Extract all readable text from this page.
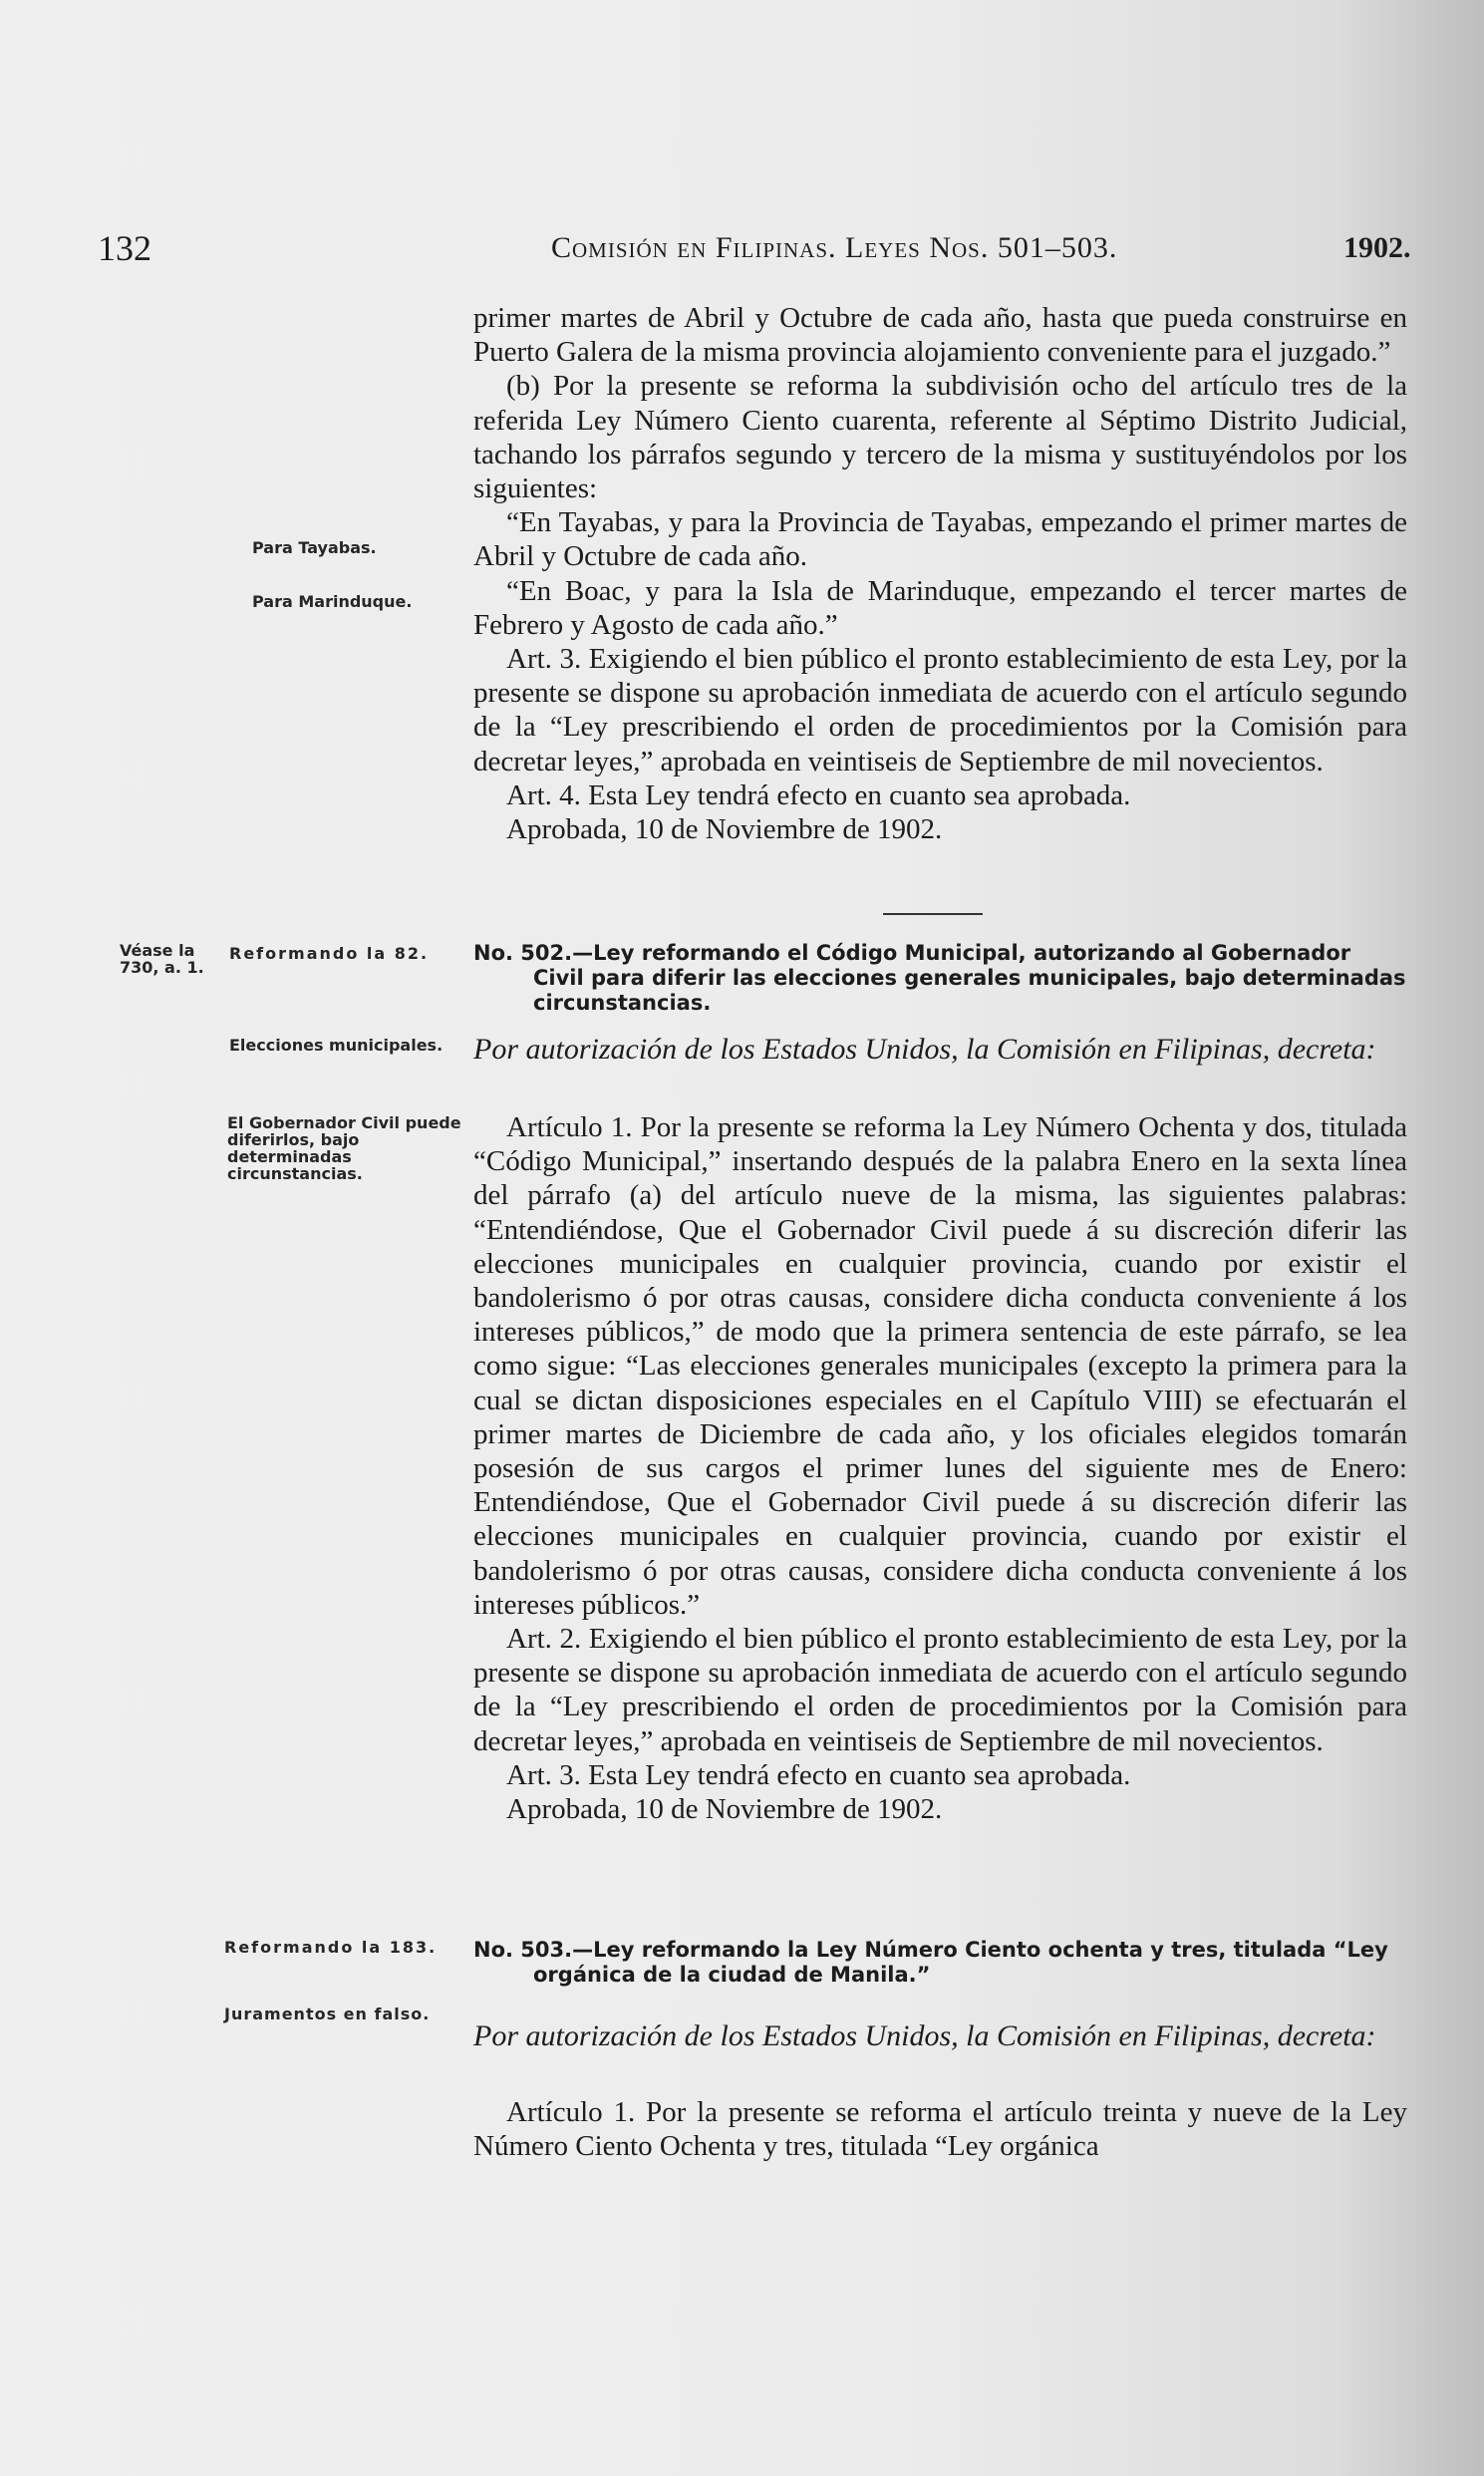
132	Comisión en Filipinas. Leyes Nos. 501–503.	1902.

primer martes de Abril y Octubre de cada año, hasta que pueda construirse en Puerto Galera de la misma provincia alojamiento conveniente para el juzgado.”

(b) Por la presente se reforma la subdivisión ocho del artículo tres de la referida Ley Número Ciento cuarenta, referente al Séptimo Distrito Judicial, tachando los párrafos segundo y tercero de la misma y sustituyéndolos por los siguientes:

“En Tayabas, y para la Provincia de Tayabas, empezando el primer martes de Abril y Octubre de cada año.

“En Boac, y para la Isla de Marinduque, empezando el tercer martes de Febrero y Agosto de cada año.”

Art. 3. Exigiendo el bien público el pronto establecimiento de esta Ley, por la presente se dispone su aprobación inmediata de acuerdo con el artículo segundo de la “Ley prescribiendo el orden de procedimientos por la Comisión para decretar leyes,” aprobada en veintiseis de Septiembre de mil novecientos.

Art. 4. Esta Ley tendrá efecto en cuanto sea aprobada.

Aprobada, 10 de Noviembre de 1902.

Para Tayabas.
Para Marinduque.
Véase la 730, a. 1.
Reformando la 82.	No. 502.—Ley reformando el Código Municipal, autorizando al Gobernador Civil para diferir las elecciones generales municipales, bajo determinadas circunstancias.
Elecciones municipales.	Por autorización de los Estados Unidos, la Comisión en Filipinas, decreta:
El Gobernador Civil puede diferirlos, bajo determinadas circunstancias.

Artículo 1. Por la presente se reforma la Ley Número Ochenta y dos, titulada “Código Municipal,” insertando después de la palabra Enero en la sexta línea del párrafo (a) del artículo nueve de la misma, las siguientes palabras: “Entendiéndose, Que el Gobernador Civil puede á su discreción diferir las elecciones municipales en cualquier provincia, cuando por existir el bandolerismo ó por otras causas, considere dicha conducta conveniente á los intereses públicos,” de modo que la primera sentencia de este párrafo, se lea como sigue: “Las elecciones generales municipales (excepto la primera para la cual se dictan disposiciones especiales en el Capítulo VIII) se efectuarán el primer martes de Diciembre de cada año, y los oficiales elegidos tomarán posesión de sus cargos el primer lunes del siguiente mes de Enero: Entendiéndose, Que el Gobernador Civil puede á su discreción diferir las elecciones municipales en cualquier provincia, cuando por existir el bandolerismo ó por otras causas, considere dicha conducta conveniente á los intereses públicos.”

Art. 2. Exigiendo el bien público el pronto establecimiento de esta Ley, por la presente se dispone su aprobación inmediata de acuerdo con el artículo segundo de la “Ley prescribiendo el orden de procedimientos por la Comisión para decretar leyes,” aprobada en veintiseis de Septiembre de mil novecientos.

Art. 3. Esta Ley tendrá efecto en cuanto sea aprobada.

Aprobada, 10 de Noviembre de 1902.

Reformando la 183.	No. 503.—Ley reformando la Ley Número Ciento ochenta y tres, titulada “Ley orgánica de la ciudad de Manila.”
Juramentos en falso.
Por autorización de los Estados Unidos, la Comisión en Filipinas, decreta:

Artículo 1. Por la presente se reforma el artículo treinta y nueve de la Ley Número Ciento Ochenta y tres, titulada “Ley orgánica
